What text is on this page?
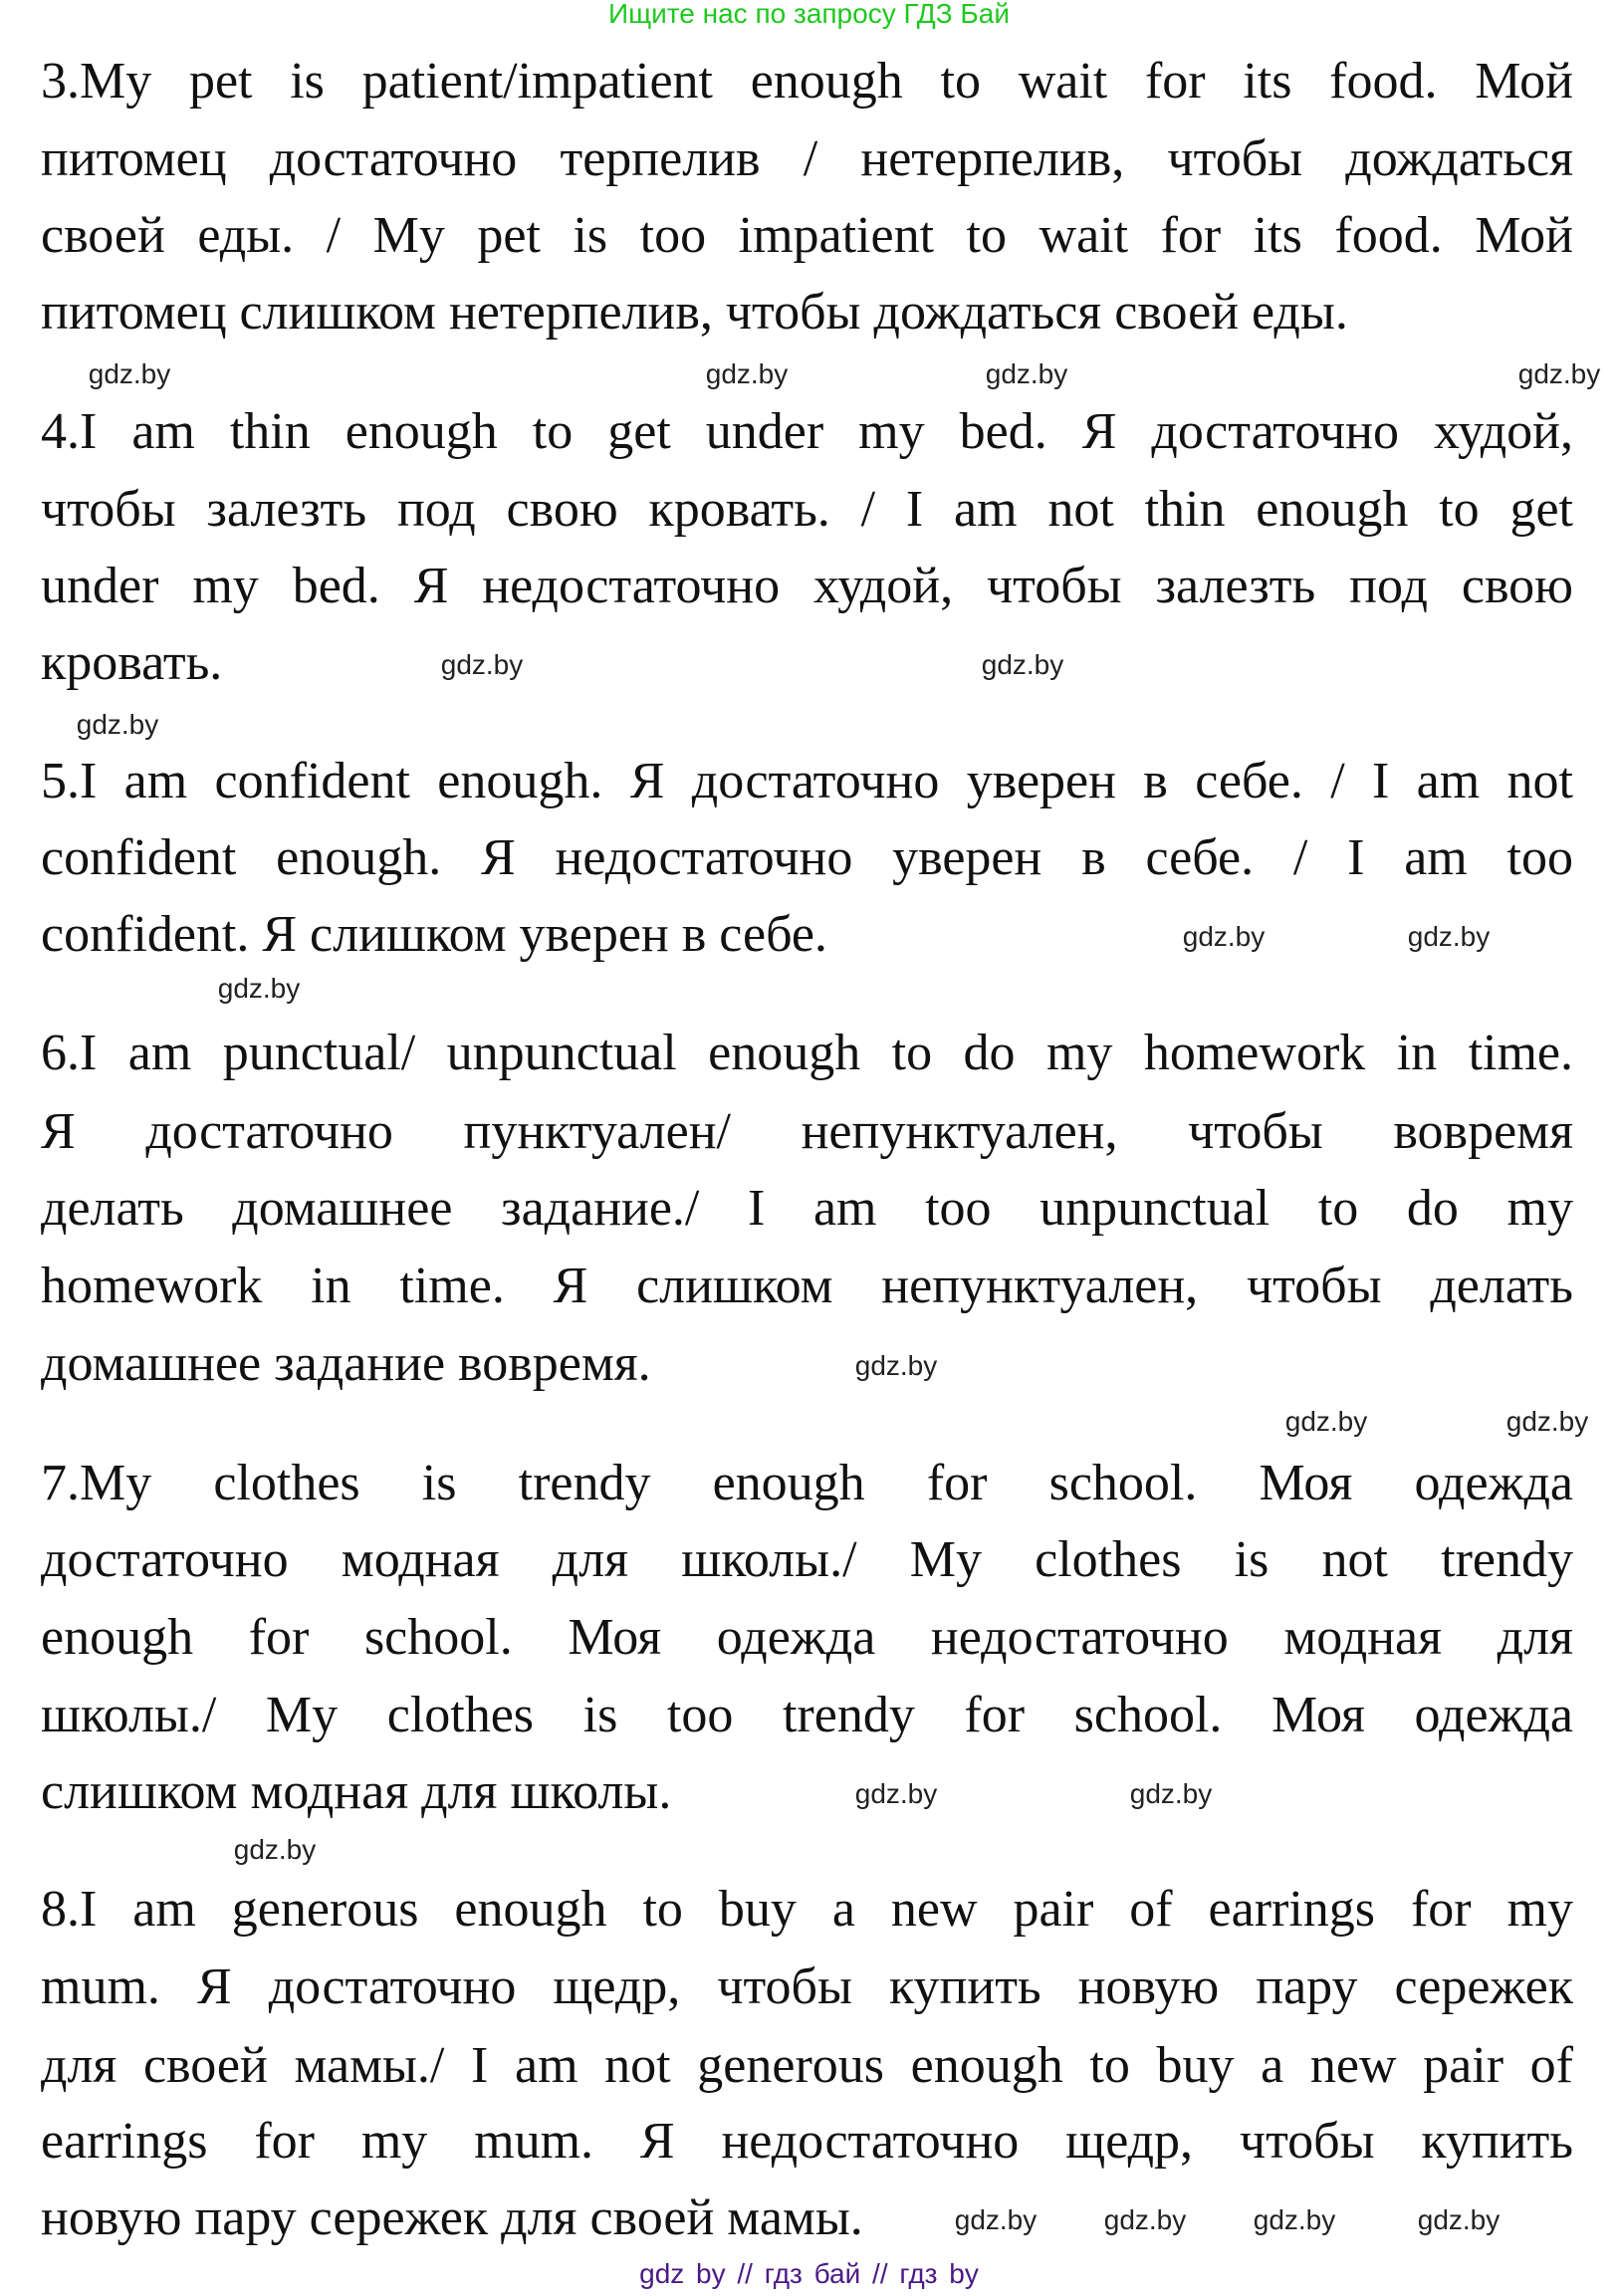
Ищите нас по запросу ГДЗ Бай
3.My pet is patient/impatient enough to wait for its food. Мой
питомец достаточно терпелив / нетерпелив, чтобы дождаться
своей еды. / My pet is too impatient to wait for its food. Мой
питомец слишком нетерпелив, чтобы дождаться своей еды.
4.I am thin enough to get under my bed. Я достаточно худой,
чтобы залезть под свою кровать. / I am not thin enough to get
under my bed. Я недостаточно худой, чтобы залезть под свою
кровать.
5.I am confident enough. Я достаточно уверен в себе. / I am not
confident enough. Я недостаточно уверен в себе. / I am too
confident. Я слишком уверен в себе.
6.I am punctual/ unpunctual enough to do my homework in time.
Я достаточно пунктуален/ непунктуален, чтобы вовремя
делать домашнее задание./ I am too unpunctual to do my
homework in time. Я слишком непунктуален, чтобы делать
домашнее задание вовремя.
7.My clothes is trendy enough for school. Моя одежда
достаточно модная для школы./ My clothes is not trendy
enough for school. Моя одежда недостаточно модная для
школы./ My clothes is too trendy for school. Моя одежда
слишком модная для школы.
8.I am generous enough to buy a new pair of earrings for my
mum. Я достаточно щедр, чтобы купить новую пару сережек
для своей мамы./ I am not generous enough to buy a new pair of
earrings for my mum. Я недостаточно щедр, чтобы купить
новую пару сережек для своей мамы.
gdz.by	gdz.by	gdz.by
gdz.by
gdz.by
gdz.by
gdz.by
gdz.by
gdz.by
gdz.by
gdz.by
gdz.by	gdz.by
gdz.by	gdz.by
gdz.by
gdz.by gdz.by gdz.by	gdz.by
gdz by // гдз бай // гдз by
